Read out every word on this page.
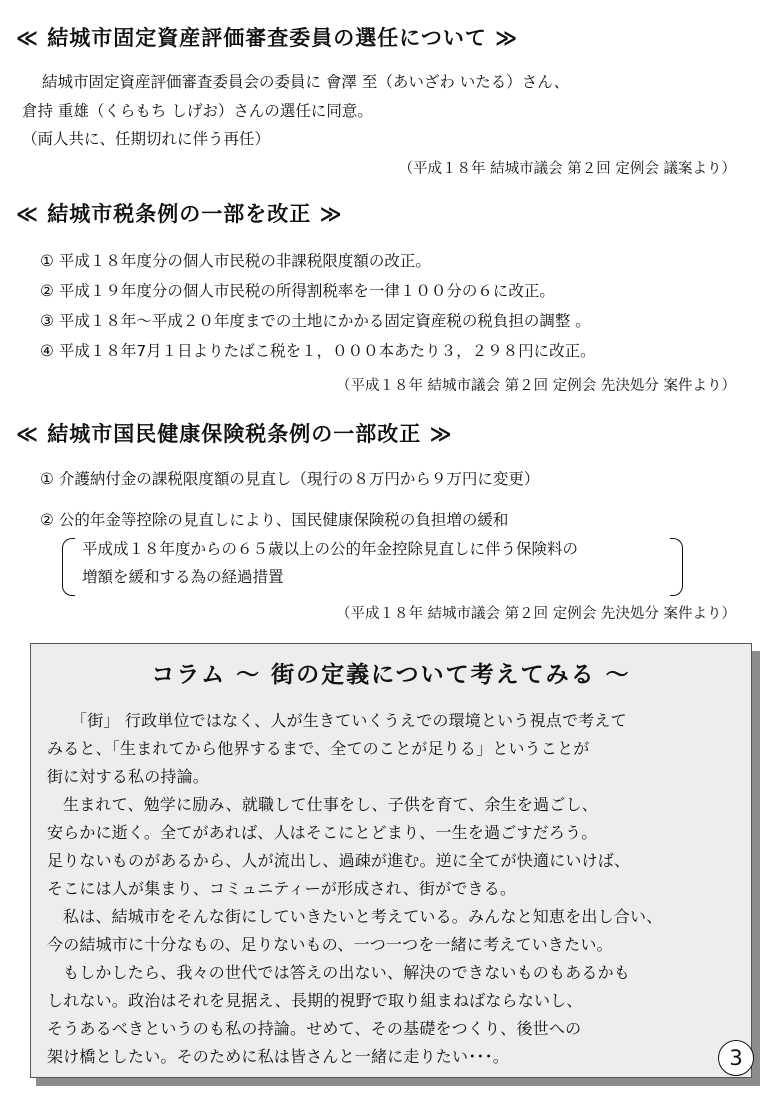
≪ 結城市固定資産評価審査委員の選任について ≫

結城市固定資産評価審査委員会の委員に 會澤 至（あいざわ いたる）さん、

倉持 重雄（くらもち しげお）さんの選任に同意。

（両人共に、任期切れに伴う再任）

（平成１８年 結城市議会 第２回 定例会 議案より）

≪ 結城市税条例の一部を改正 ≫

① 平成１８年度分の個人市民税の非課税限度額の改正。

② 平成１９年度分の個人市民税の所得割税率を一律１００分の６に改正。

③ 平成１８年～平成２０年度までの土地にかかる固定資産税の税負担の調整 。

④ 平成１８年7月１日よりたばこ税を１，０００本あたり３，２９８円に改正。

（平成１８年 結城市議会 第２回 定例会 先決処分 案件より）

≪ 結城市国民健康保険税条例の一部改正 ≫

① 介護納付金の課税限度額の見直し（現行の８万円から９万円に変更）

② 公的年金等控除の見直しにより、国民健康保険税の負担増の緩和

平成成１８年度からの６５歳以上の公的年金控除見直しに伴う保険料の

増額を緩和する為の経過措置

（平成１８年 結城市議会 第２回 定例会 先決処分 案件より）

コラム ～ 街の定義について考えてみる ～

「街」 行政単位ではなく、人が生きていくうえでの環境という視点で考えて

みると、「生まれてから他界するまで、全てのことが足りる」ということが

街に対する私の持論。

生まれて、勉学に励み、就職して仕事をし、子供を育て、余生を過ごし、

安らかに逝く。全てがあれば、人はそこにとどまり、一生を過ごすだろう。

足りないものがあるから、人が流出し、過疎が進む。逆に全てが快適にいけば、

そこには人が集まり、コミュニティーが形成され、街ができる。

私は、結城市をそんな街にしていきたいと考えている。みんなと知恵を出し合い、

今の結城市に十分なもの、足りないもの、一つ一つを一緒に考えていきたい。

もしかしたら、我々の世代では答えの出ない、解決のできないものもあるかも

しれない。政治はそれを見据え、長期的視野で取り組まねばならないし、

そうあるべきというのも私の持論。せめて、その基礎をつくり、後世への

架け橋としたい。そのために私は皆さんと一緒に走りたい･･･。	3
